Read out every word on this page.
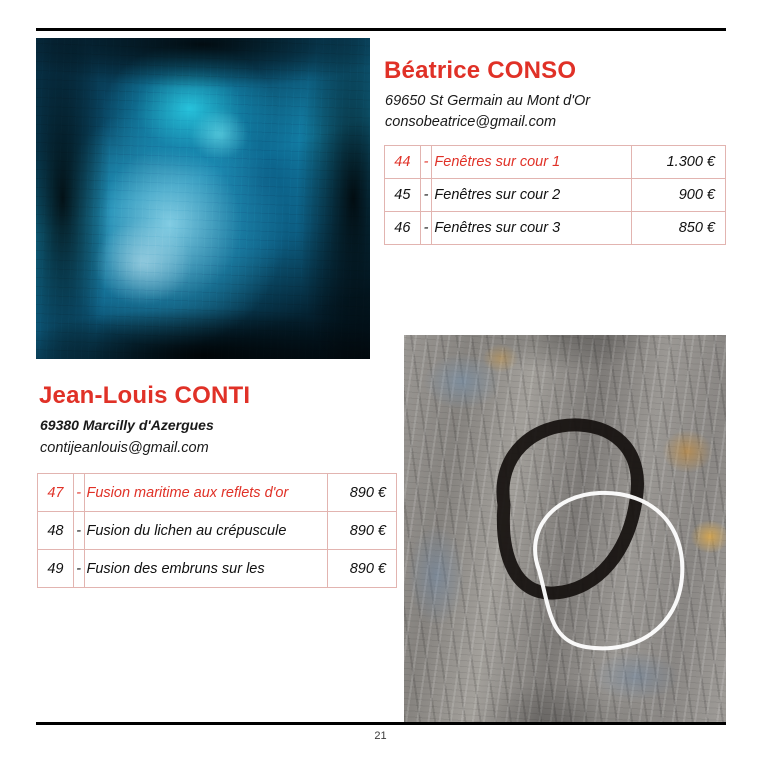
Béatrice CONSO
69650 St Germain au Mont d'Or
consobeatrice@gmail.com
44	-	Fenêtres sur cour 1	1.300 €
45	-	Fenêtres sur cour 2	900 €
46	-	Fenêtres sur cour 3	850 €
Jean-Louis CONTI
69380 Marcilly d'Azergues
contijeanlouis@gmail.com
47	-	Fusion maritime aux reflets d'or	890 €
48	-	Fusion du lichen au crépuscule	890 €
49	-	Fusion des embruns sur les	890 €
21
